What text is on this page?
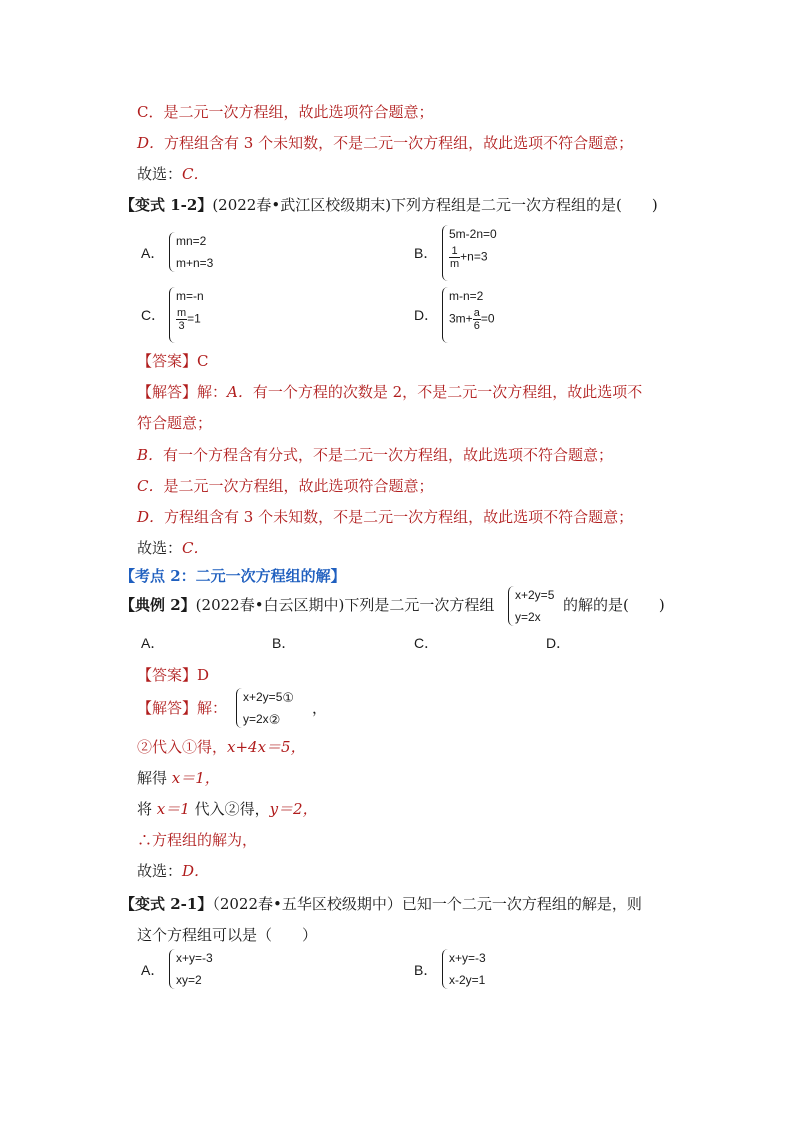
C．是二元一次方程组，故此选项符合题意；
D．方程组含有 3 个未知数，不是二元一次方程组，故此选项不符合题意；
故选：C．
【变式 1-2】(2022春•武江区校级期末)下列方程组是二元一次方程组的是(　　)
A．
mn=2
m+n=3
B．
5m-2n=0
$\frac{1}{m} +n=3$
C．
m=-n
$\frac{m}{3} =1$	D．
m-n=2
$3m+ \frac{a}{6} =0$
【答案】C
【解答】解：A．有一个方程的次数是 2，不是二元一次方程组，故此选项不
符合题意；
B．有一个方程含有分式，不是二元一次方程组，故此选项不符合题意；
C．是二元一次方程组，故此选项符合题意；
D．方程组含有 3 个未知数，不是二元一次方程组，故此选项不符合题意；
故选：C．
【考点 2：二元一次方程组的解】
【典例 2】(2022春•白云区期中)下列是二元一次方程组
x+2y=5
y=2x
的解的是(　　)
A．	B．	C．	D．
【答案】D
【解答】解：
x+2y=5①
y=2x②
，
②代入①得，x+4x＝5，
解得 x＝1，
将 x＝1 代入②得，y＝2，
∴方程组的解为，
故选：D．
【变式 2-1】（2022春•五华区校级期中）已知一个二元一次方程组的解是，则
这个方程组可以是（　　）
A．
x+y=-3
xy=2
B．
x+y=-3
x-2y=1
